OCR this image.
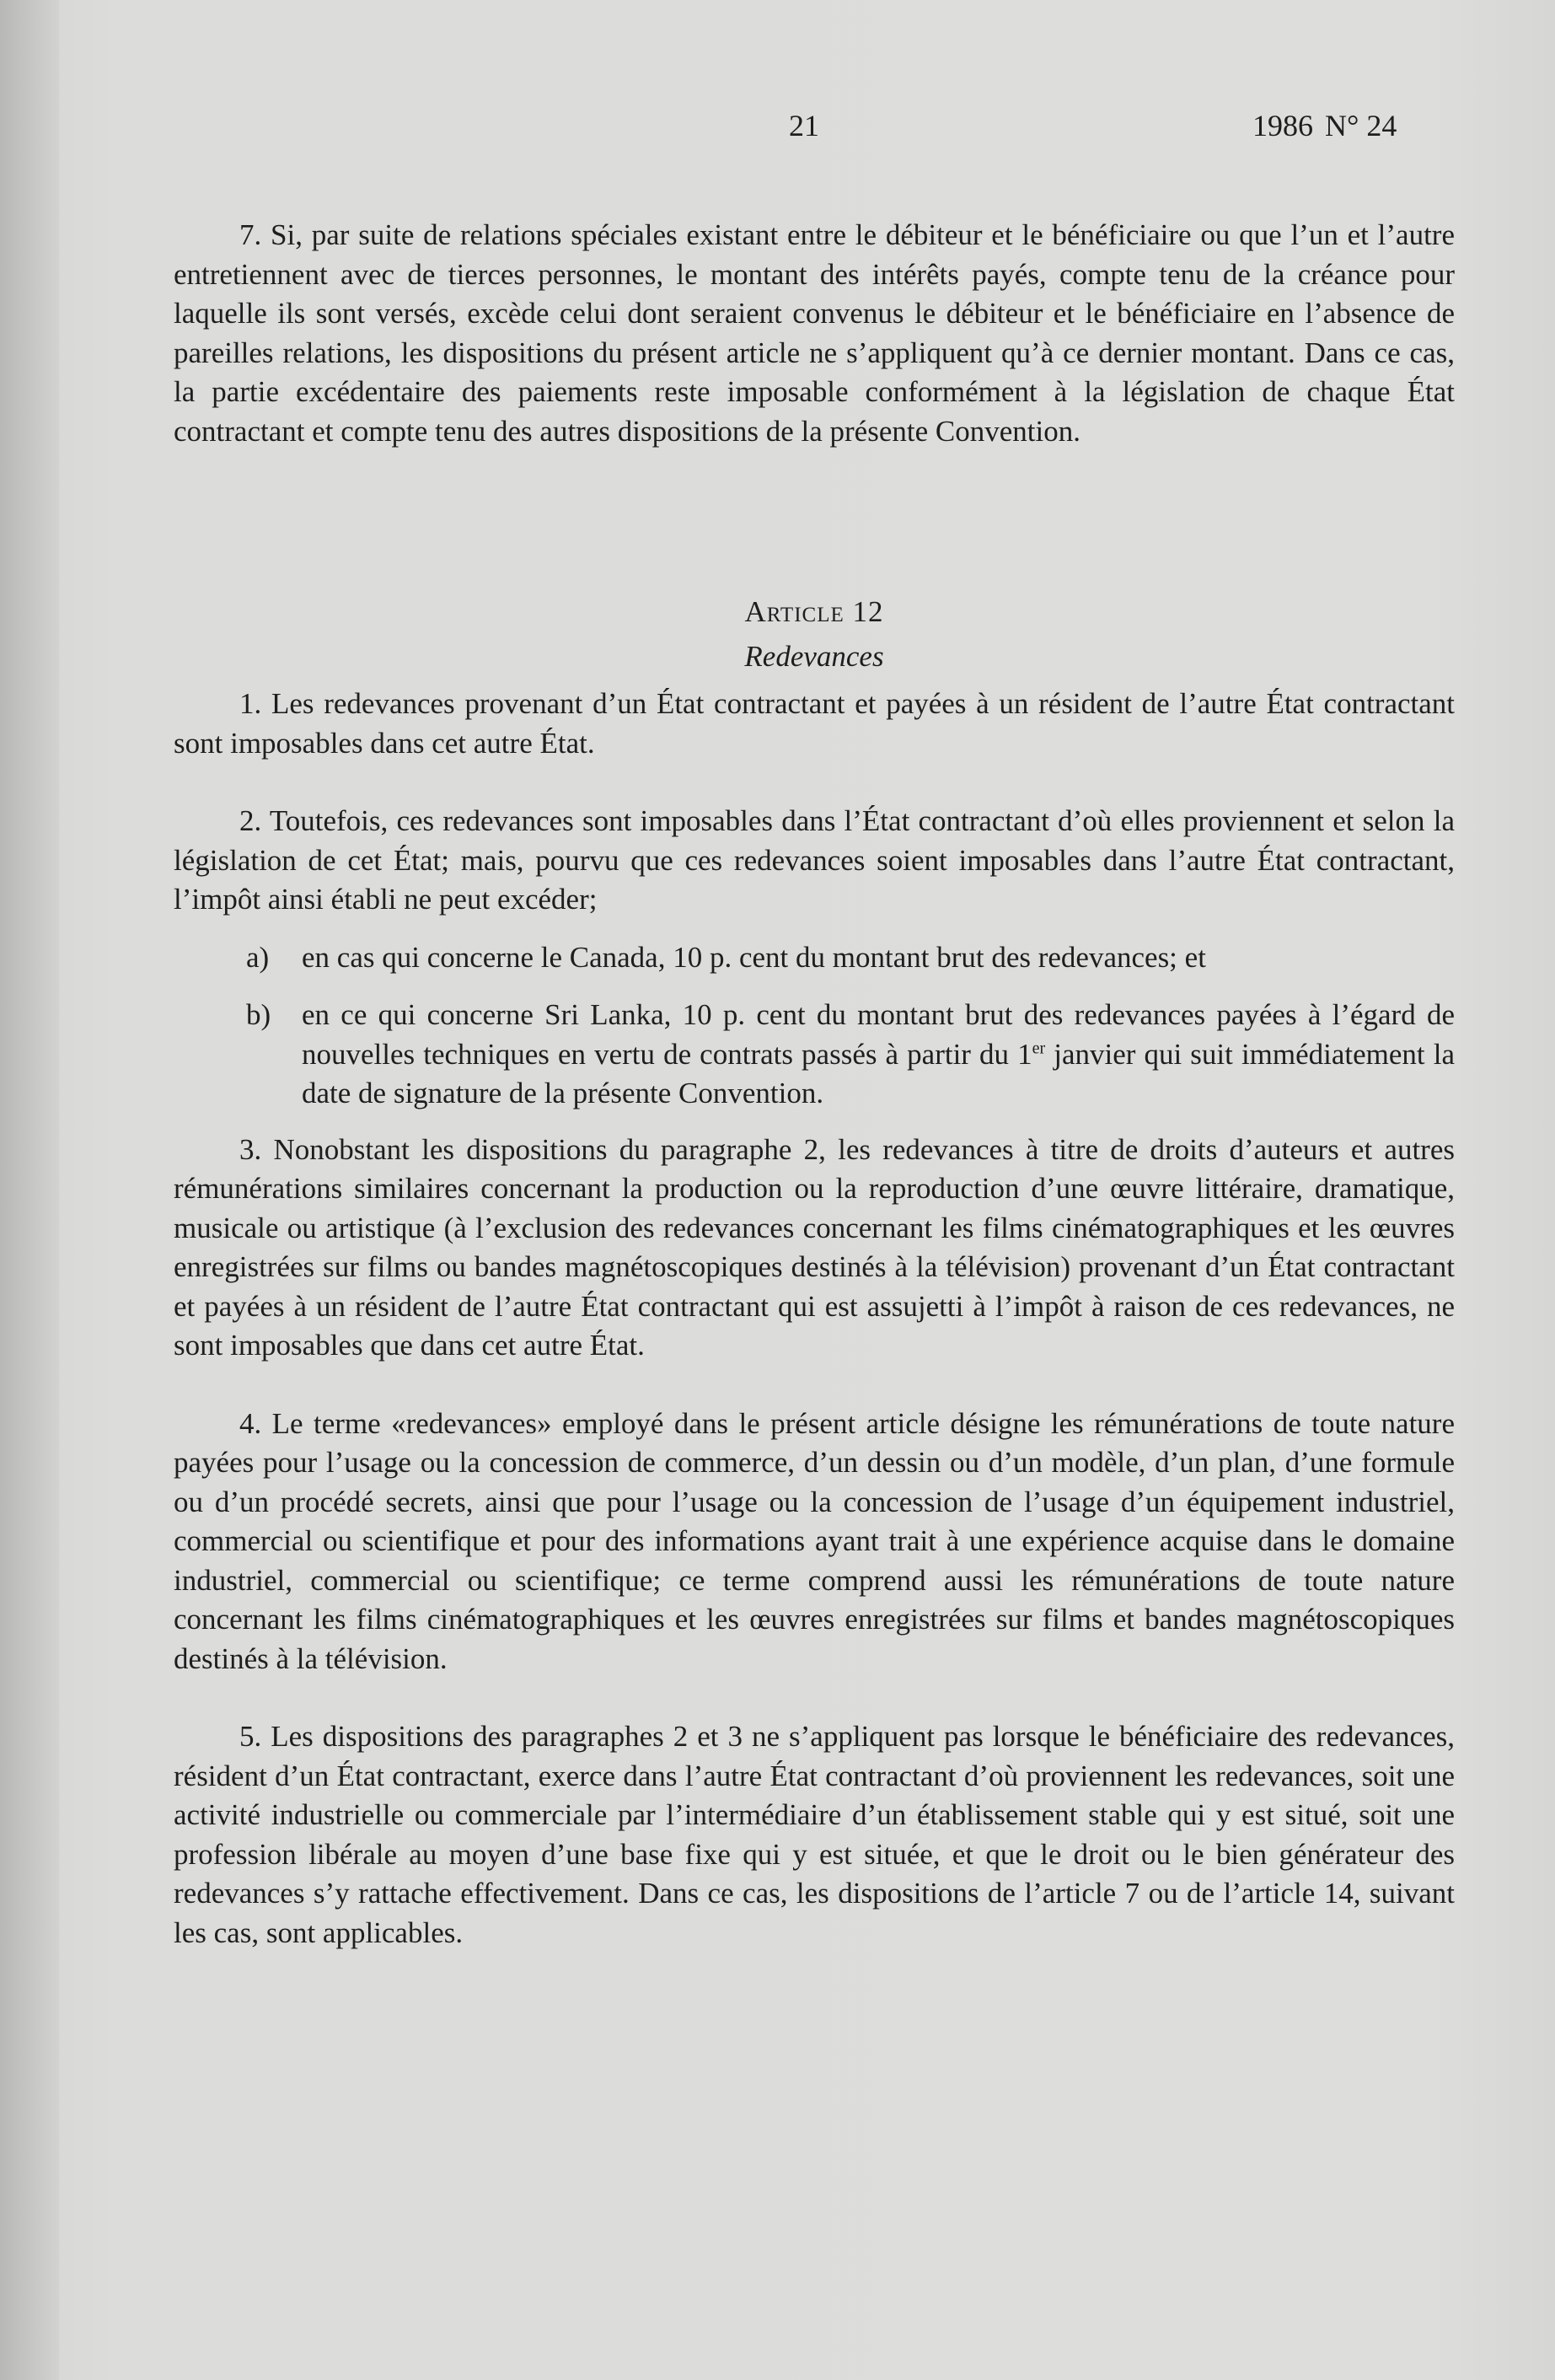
21	1986 N° 24

7. Si, par suite de relations spéciales existant entre le débiteur et le bénéficiaire ou que l’un et l’autre entretiennent avec de tierces personnes, le montant des intérêts payés, compte tenu de la créance pour laquelle ils sont versés, excède celui dont seraient convenus le débiteur et le bénéficiaire en l’absence de pareilles relations, les dispositions du présent article ne s’appliquent qu’à ce dernier montant. Dans ce cas, la partie excédentaire des paiements reste imposable conformément à la législation de chaque État contractant et compte tenu des autres dispositions de la présente Convention.

Article 12

Redevances

1. Les redevances provenant d’un État contractant et payées à un résident de l’autre État contractant sont imposables dans cet autre État.

2. Toutefois, ces redevances sont imposables dans l’État contractant d’où elles proviennent et selon la législation de cet État; mais, pourvu que ces redevances soient imposables dans l’autre État contractant, l’impôt ainsi établi ne peut excéder;

a) en cas qui concerne le Canada, 10 p. cent du montant brut des redevances; et
b) en ce qui concerne Sri Lanka, 10 p. cent du montant brut des redevances payées à l’égard de nouvelles techniques en vertu de contrats passés à partir du 1er janvier qui suit immédiatement la date de signature de la présente Convention.

3. Nonobstant les dispositions du paragraphe 2, les redevances à titre de droits d’auteurs et autres rémunérations similaires concernant la production ou la reproduction d’une œuvre littéraire, dramatique, musicale ou artistique (à l’exclusion des redevances concernant les films cinématographiques et les œuvres enregistrées sur films ou bandes magnétoscopiques destinés à la télévision) provenant d’un État contractant et payées à un résident de l’autre État contractant qui est assujetti à l’impôt à raison de ces redevances, ne sont imposables que dans cet autre État.

4. Le terme «redevances» employé dans le présent article désigne les rémunérations de toute nature payées pour l’usage ou la concession de commerce, d’un dessin ou d’un modèle, d’un plan, d’une formule ou d’un procédé secrets, ainsi que pour l’usage ou la concession de l’usage d’un équipement industriel, commercial ou scientifique et pour des informations ayant trait à une expérience acquise dans le domaine industriel, commercial ou scientifique; ce terme comprend aussi les rémunérations de toute nature concernant les films cinématographiques et les œuvres enregistrées sur films et bandes magnétoscopiques destinés à la télévision.

5. Les dispositions des paragraphes 2 et 3 ne s’appliquent pas lorsque le bénéficiaire des redevances, résident d’un État contractant, exerce dans l’autre État contractant d’où proviennent les redevances, soit une activité industrielle ou commerciale par l’intermédiaire d’un établissement stable qui y est situé, soit une profession libérale au moyen d’une base fixe qui y est située, et que le droit ou le bien générateur des redevances s’y rattache effectivement. Dans ce cas, les dispositions de l’article 7 ou de l’article 14, suivant les cas, sont applicables.
